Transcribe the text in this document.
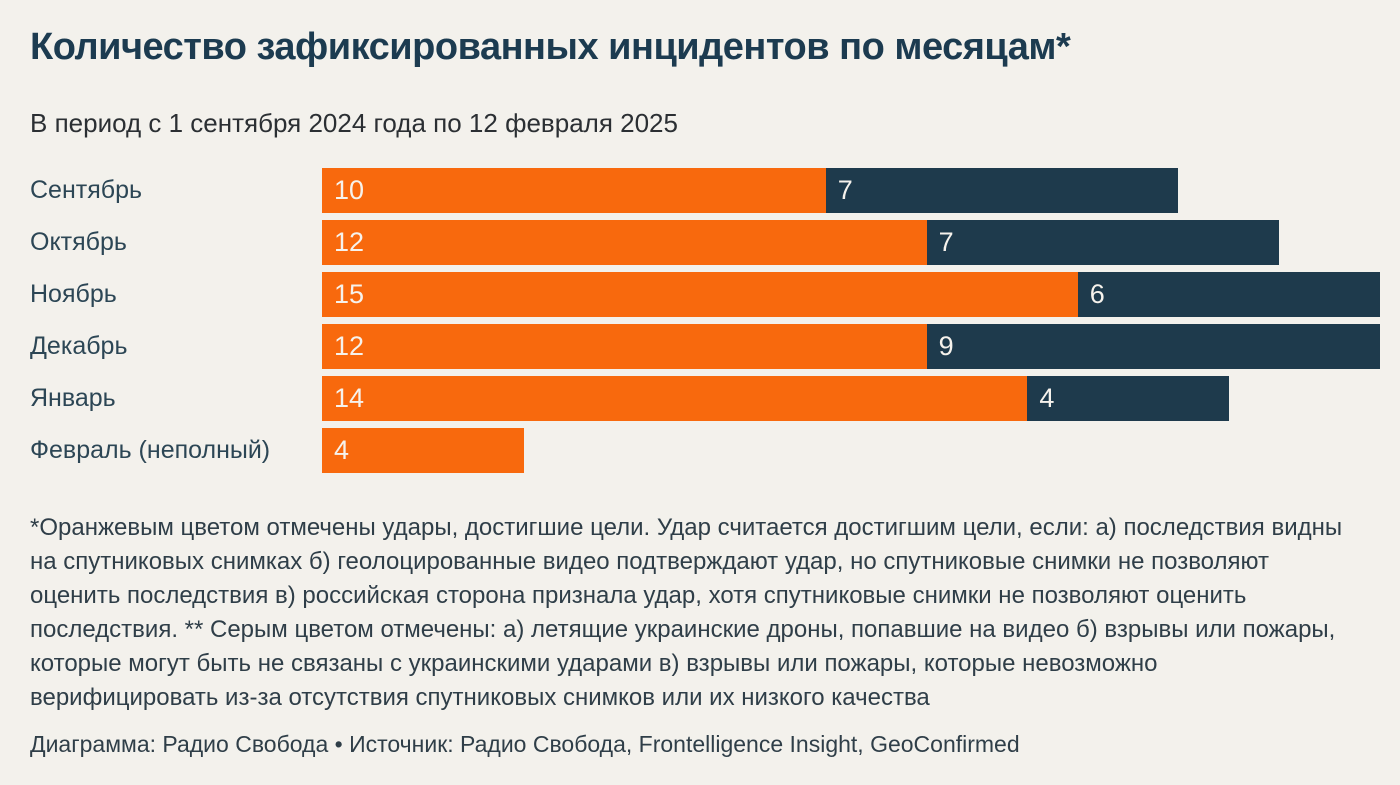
Количество зафиксированных инцидентов по месяцам*
В период с 1 сентября 2024 года по 12 февраля 2025
Сентябрь	10	7
Октябрь	12	7
Ноябрь	15	6
Декабрь	12	9
Январь	14	4
Февраль (неполный)	4

*Оранжевым цветом отмечены удары, достигшие цели. Удар считается достигшим цели, если: а) последствия видны на спутниковых снимках б) геолоцированные видео подтверждают удар, но спутниковые снимки не позволяют оценить последствия в) российская сторона признала удар, хотя спутниковые снимки не позволяют оценить последствия. ** Серым цветом отмечены: а) летящие украинские дроны, попавшие на видео б) взрывы или пожары, которые могут быть не связаны с украинскими ударами в) взрывы или пожары, которые невозможно верифицировать из-за отсутствия спутниковых снимков или их низкого качества

Диаграмма: Радио Свобода • Источник: Радио Свобода, Frontelligence Insight, GeoConfirmed
